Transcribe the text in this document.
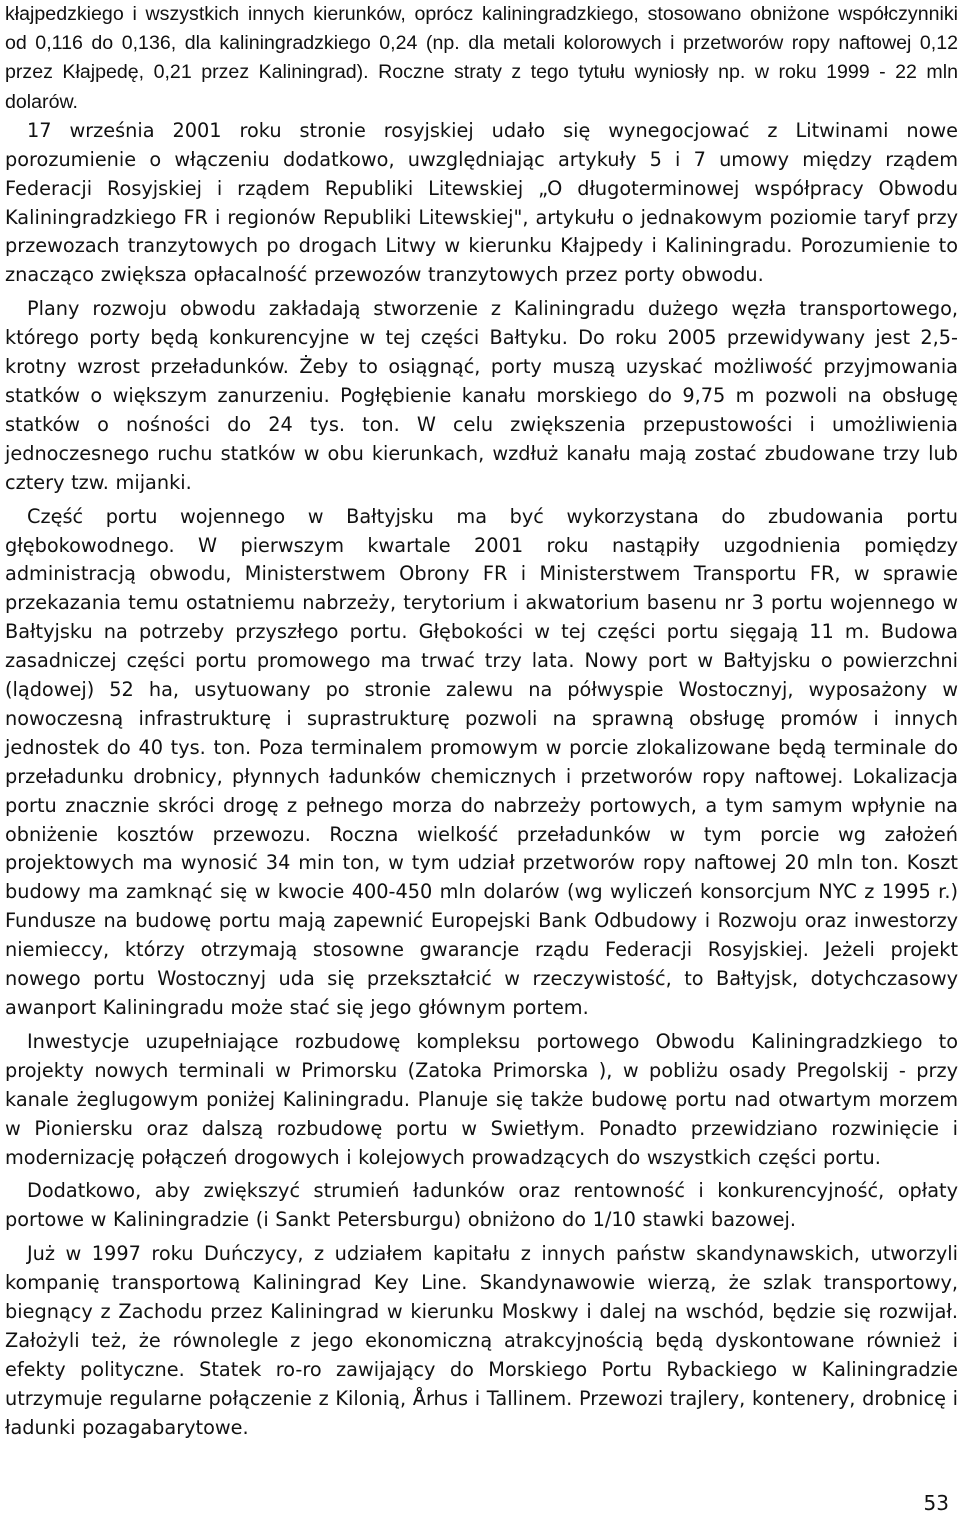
kłajpedzkiego i wszystkich innych kierunków, oprócz kaliningradzkiego, stosowano obniżone współczynniki od 0,116 do 0,136, dla kaliningradzkiego 0,24 (np. dla metali kolorowych i przetworów ropy naftowej 0,12 przez Kłajpedę, 0,21 przez Kaliningrad). Roczne straty z tego tytułu wyniosły np. w roku 1999 - 22 mln dolarów.

17 września 2001 roku stronie rosyjskiej udało się wynegocjować z Litwinami nowe porozumienie o włączeniu dodatkowo, uwzględniając artykuły 5 i 7 umowy między rządem Federacji Rosyjskiej i rządem Republiki Litewskiej „O długoterminowej współpracy Obwodu Kaliningradzkiego FR i regionów Republiki Litewskiej", artykułu o jednakowym poziomie taryf przy przewozach tranzytowych po drogach Litwy w kierunku Kłajpedy i Kaliningradu. Porozumienie to znacząco zwiększa opłacalność przewozów tranzytowych przez porty obwodu.

Plany rozwoju obwodu zakładają stworzenie z Kaliningradu dużego węzła transportowego, którego porty będą konkurencyjne w tej części Bałtyku. Do roku 2005 przewidywany jest 2,5-krotny wzrost przeładunków. Żeby to osiągnąć, porty muszą uzyskać możliwość przyjmowania statków o większym zanurzeniu. Pogłębienie kanału morskiego do 9,75 m pozwoli na obsługę statków o nośności do 24 tys. ton. W celu zwiększenia przepustowości i umożliwienia jednoczesnego ruchu statków w obu kierunkach, wzdłuż kanału mają zostać zbudowane trzy lub cztery tzw. mijanki.

Część portu wojennego w Bałtyjsku ma być wykorzystana do zbudowania portu głębokowodnego. W pierwszym kwartale 2001 roku nastąpiły uzgodnienia pomiędzy administracją obwodu, Ministerstwem Obrony FR i Ministerstwem Transportu FR, w sprawie przekazania temu ostatniemu nabrzeży, terytorium i akwatorium basenu nr 3 portu wojennego w Bałtyjsku na potrzeby przyszłego portu. Głębokości w tej części portu sięgają 11 m. Budowa zasadniczej części portu promowego ma trwać trzy lata. Nowy port w Bałtyjsku o powierzchni (lądowej) 52 ha, usytuowany po stronie zalewu na półwyspie Wostocznyj, wyposażony w nowoczesną infrastrukturę i suprastrukturę pozwoli na sprawną obsługę promów i innych jednostek do 40 tys. ton. Poza terminalem promowym w porcie zlokalizowane będą terminale do przeładunku drobnicy, płynnych ładunków chemicznych i przetworów ropy naftowej. Lokalizacja portu znacznie skróci drogę z pełnego morza do nabrzeży portowych, a tym samym wpłynie na obniżenie kosztów przewozu. Roczna wielkość przeładunków w tym porcie wg założeń projektowych ma wynosić 34 min ton, w tym udział przetworów ropy naftowej 20 mln ton. Koszt budowy ma zamknąć się w kwocie 400-450 mln dolarów (wg wyliczeń konsorcjum NYC z 1995 r.) Fundusze na budowę portu mają zapewnić Europejski Bank Odbudowy i Rozwoju oraz inwestorzy niemieccy, którzy otrzymają stosowne gwarancje rządu Federacji Rosyjskiej. Jeżeli projekt nowego portu Wostocznyj uda się przekształcić w rzeczywistość, to Bałtyjsk, dotychczasowy awanport Kaliningradu może stać się jego głównym portem.

Inwestycje uzupełniające rozbudowę kompleksu portowego Obwodu Kaliningradzkiego to projekty nowych terminali w Primorsku (Zatoka Primorska ), w pobliżu osady Pregolskij - przy kanale żeglugowym poniżej Kaliningradu. Planuje się także budowę portu nad otwartym morzem w Pioniersku oraz dalszą rozbudowę portu w Swietłym. Ponadto przewidziano rozwinięcie i modernizację połączeń drogowych i kolejowych prowadzących do wszystkich części portu.

Dodatkowo, aby zwiększyć strumień ładunków oraz rentowność i konkurencyjność, opłaty portowe w Kaliningradzie (i Sankt Petersburgu) obniżono do 1/10 stawki bazowej.

Już w 1997 roku Duńczycy, z udziałem kapitału z innych państw skandynawskich, utworzyli kompanię transportową Kaliningrad Key Line. Skandynawowie wierzą, że szlak transportowy, biegnący z Zachodu przez Kaliningrad w kierunku Moskwy i dalej na wschód, będzie się rozwijał. Założyli też, że równolegle z jego ekonomiczną atrakcyjnością będą dyskontowane również i efekty polityczne. Statek ro-ro zawijający do Morskiego Portu Rybackiego w Kaliningradzie utrzymuje regularne połączenie z Kilonią, Århus i Tallinem. Przewozi trajlery, kontenery, drobnicę i ładunki pozagabarytowe.

53
